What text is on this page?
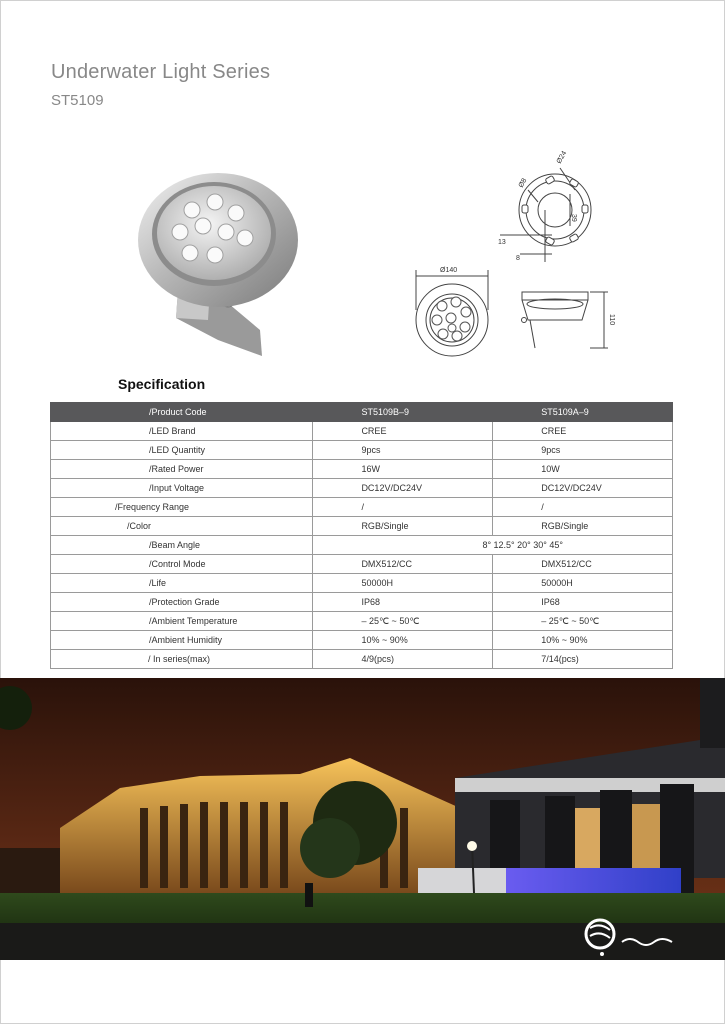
Underwater Light Series
ST5109
Ø24
Ø8
39
13
8
Ø140
110
Specification
/Product Code	ST5109B–9	ST5109A–9
/LED Brand	CREE	CREE
/LED Quantity	9pcs	9pcs
/Rated Power	16W	10W
/Input Voltage	DC12V/DC24V	DC12V/DC24V
/Frequency Range	/	/
/Color	RGB/Single	RGB/Single
/Beam Angle	8° 12.5° 20° 30° 45°	
/Control Mode	DMX512/CC	DMX512/CC
/Life	50000H	50000H
/Protection Grade	IP68	IP68
/Ambient Temperature	– 25℃ ~ 50℃	– 25℃ ~ 50℃
/Ambient Humidity	10% ~ 90%	10% ~ 90%
/ In series(max)	4/9(pcs)	7/14(pcs)
